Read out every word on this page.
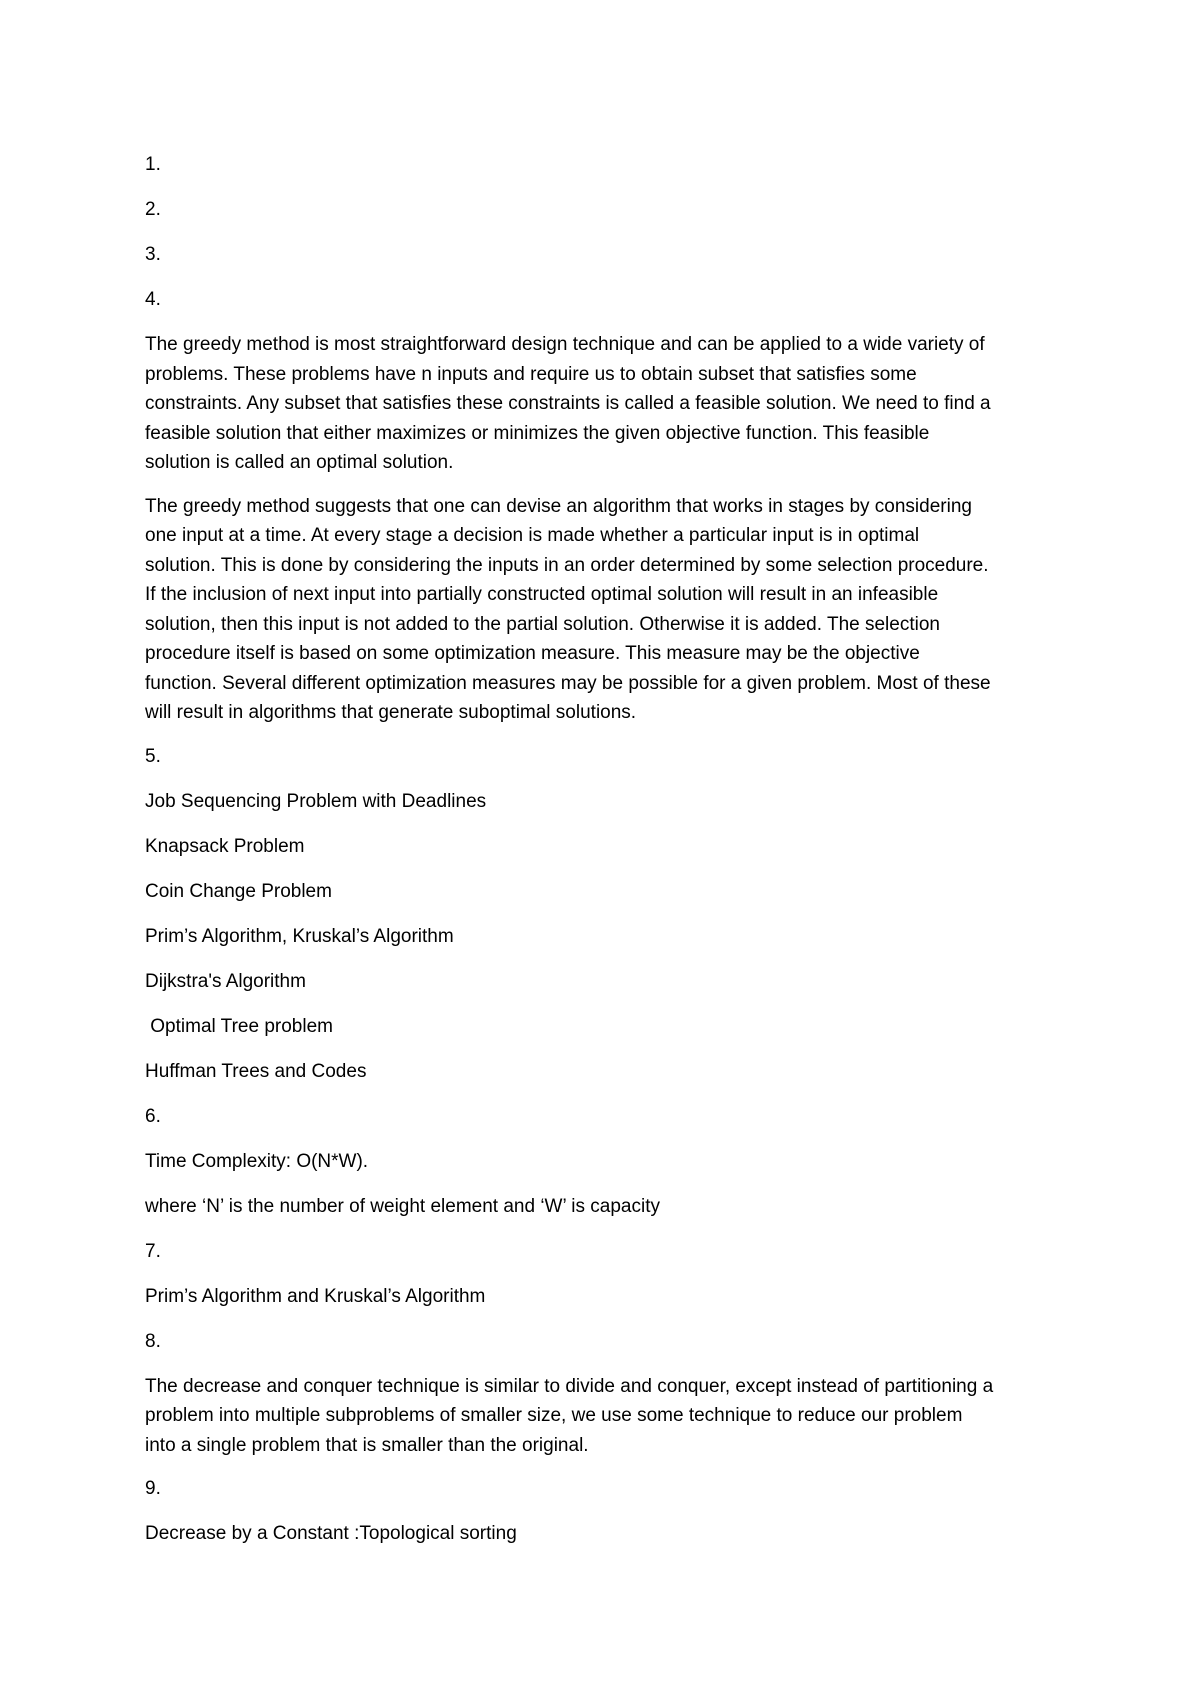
1.

2.

3.

4.

The greedy method is most straightforward design technique and can be applied to a wide variety of
problems. These problems have n inputs and require us to obtain subset that satisfies some
constraints. Any subset that satisfies these constraints is called a feasible solution. We need to find a
feasible solution that either maximizes or minimizes the given objective function. This feasible
solution is called an optimal solution.

The greedy method suggests that one can devise an algorithm that works in stages by considering
one input at a time. At every stage a decision is made whether a particular input is in optimal
solution. This is done by considering the inputs in an order determined by some selection procedure.
If the inclusion of next input into partially constructed optimal solution will result in an infeasible
solution, then this input is not added to the partial solution. Otherwise it is added. The selection
procedure itself is based on some optimization measure. This measure may be the objective
function. Several different optimization measures may be possible for a given problem. Most of these
will result in algorithms that generate suboptimal solutions.

5.

Job Sequencing Problem with Deadlines

Knapsack Problem

Coin Change Problem

Prim’s Algorithm, Kruskal’s Algorithm

Dijkstra's Algorithm

Optimal Tree problem

Huffman Trees and Codes

6.

Time Complexity: O(N*W).

where ‘N’ is the number of weight element and ‘W’ is capacity

7.

Prim’s Algorithm and Kruskal’s Algorithm

8.

The decrease and conquer technique is similar to divide and conquer, except instead of partitioning a
problem into multiple subproblems of smaller size, we use some technique to reduce our problem
into a single problem that is smaller than the original.

9.

Decrease by a Constant :Topological sorting
